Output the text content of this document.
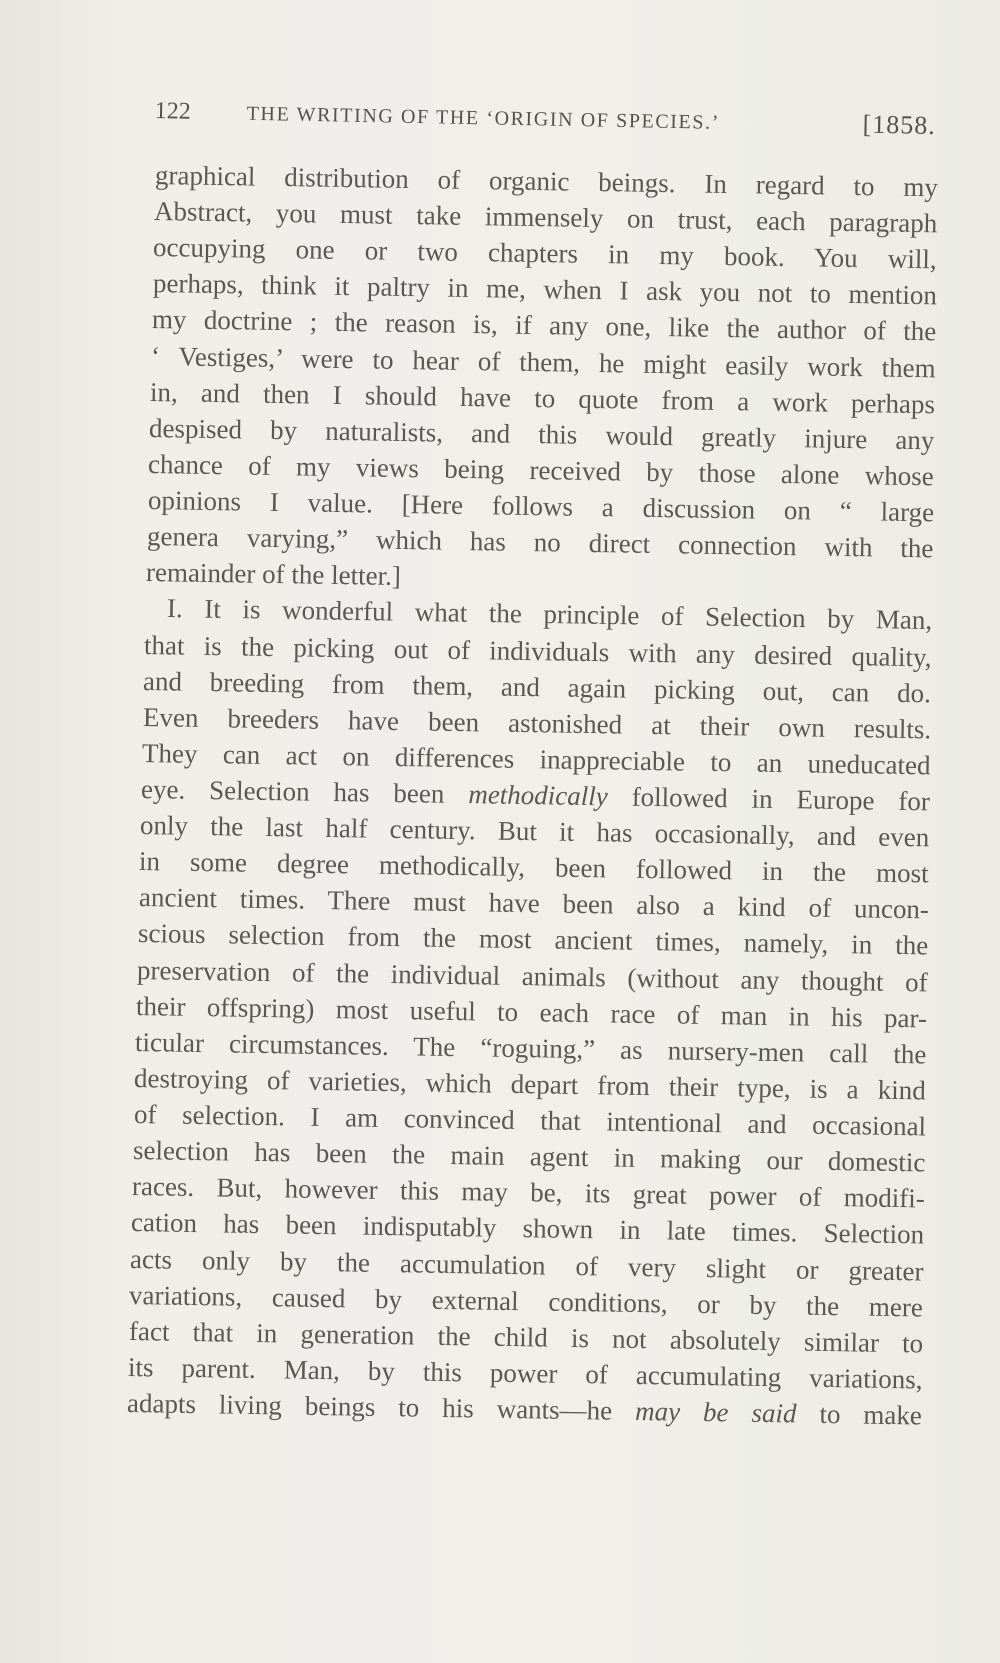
122	THE WRITING OF THE ‘ORIGIN OF SPECIES.’	[1858.
graphical distribution of organic beings. In regard to my
Abstract, you must take immensely on trust, each paragraph
occupying one or two chapters in my book. You will,
perhaps, think it paltry in me, when I ask you not to mention
my doctrine ; the reason is, if any one, like the author of the
‘ Vestiges,’ were to hear of them, he might easily work them
in, and then I should have to quote from a work perhaps
despised by naturalists, and this would greatly injure any
chance of my views being received by those alone whose
opinions I value. [Here follows a discussion on “ large
genera varying,” which has no direct connection with the
remainder of the letter.]
I. It is wonderful what the principle of Selection by Man,
that is the picking out of individuals with any desired quality,
and breeding from them, and again picking out, can do.
Even breeders have been astonished at their own results.
They can act on differences inappreciable to an uneducated
eye. Selection has been methodically followed in Europe for
only the last half century. But it has occasionally, and even
in some degree methodically, been followed in the most
ancient times. There must have been also a kind of uncon-
scious selection from the most ancient times, namely, in the
preservation of the individual animals (without any thought of
their offspring) most useful to each race of man in his par-
ticular circumstances. The “roguing,” as nursery-men call the
destroying of varieties, which depart from their type, is a kind
of selection. I am convinced that intentional and occasional
selection has been the main agent in making our domestic
races. But, however this may be, its great power of modifi-
cation has been indisputably shown in late times. Selection
acts only by the accumulation of very slight or greater
variations, caused by external conditions, or by the mere
fact that in generation the child is not absolutely similar to
its parent. Man, by this power of accumulating variations,
adapts living beings to his wants—he may be said to make
